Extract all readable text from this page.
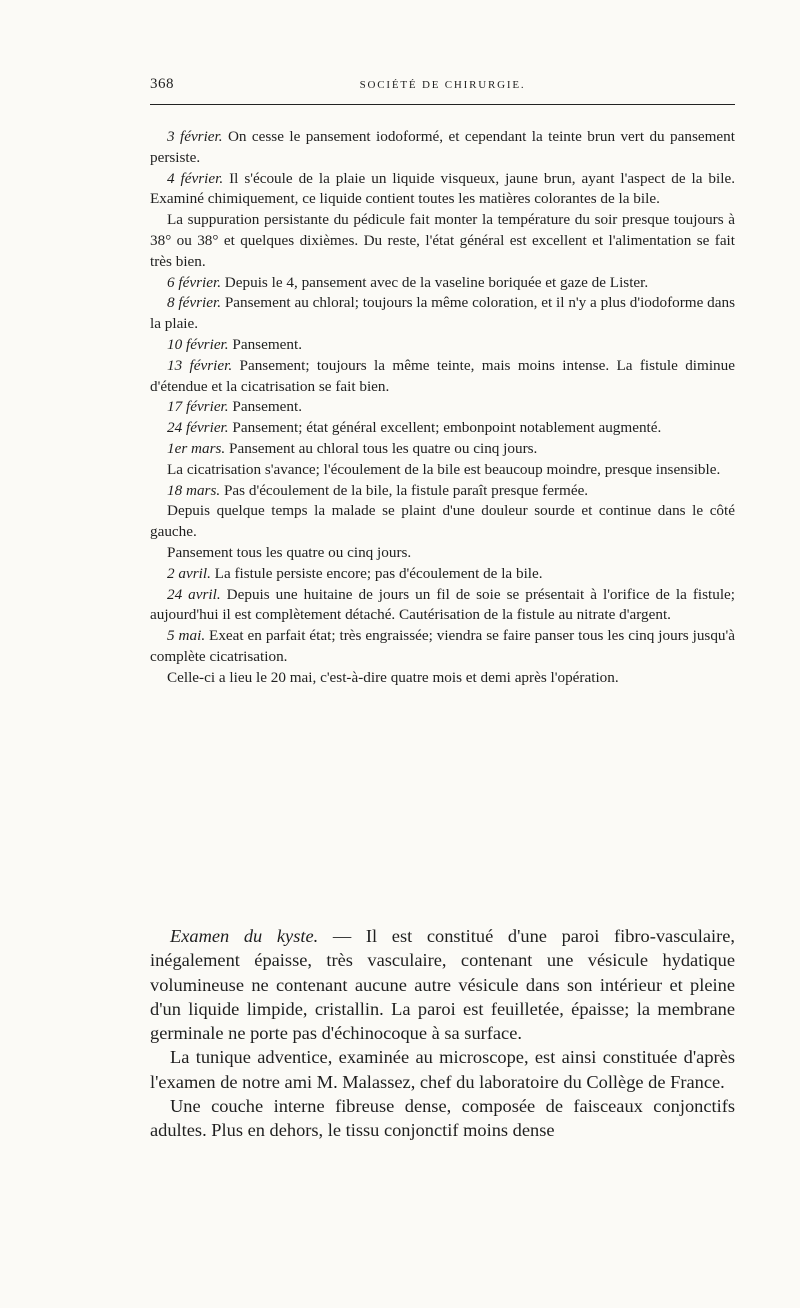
368	SOCIÉTÉ DE CHIRURGIE.

3 février. On cesse le pansement iodoformé, et cependant la teinte brun vert du pansement persiste.

4 février. Il s'écoule de la plaie un liquide visqueux, jaune brun, ayant l'aspect de la bile. Examiné chimiquement, ce liquide contient toutes les matières colorantes de la bile.

La suppuration persistante du pédicule fait monter la température du soir presque toujours à 38° ou 38° et quelques dixièmes. Du reste, l'état général est excellent et l'alimentation se fait très bien.

6 février. Depuis le 4, pansement avec de la vaseline boriquée et gaze de Lister.

8 février. Pansement au chloral; toujours la même coloration, et il n'y a plus d'iodoforme dans la plaie.

10 février. Pansement.

13 février. Pansement; toujours la même teinte, mais moins intense. La fistule diminue d'étendue et la cicatrisation se fait bien.

17 février. Pansement.

24 février. Pansement; état général excellent; embonpoint notablement augmenté.

1er mars. Pansement au chloral tous les quatre ou cinq jours.

La cicatrisation s'avance; l'écoulement de la bile est beaucoup moindre, presque insensible.

18 mars. Pas d'écoulement de la bile, la fistule paraît presque fermée.

Depuis quelque temps la malade se plaint d'une douleur sourde et continue dans le côté gauche.

Pansement tous les quatre ou cinq jours.

2 avril. La fistule persiste encore; pas d'écoulement de la bile.

24 avril. Depuis une huitaine de jours un fil de soie se présentait à l'orifice de la fistule; aujourd'hui il est complètement détaché. Cautérisation de la fistule au nitrate d'argent.

5 mai. Exeat en parfait état; très engraissée; viendra se faire panser tous les cinq jours jusqu'à complète cicatrisation.

Celle-ci a lieu le 20 mai, c'est-à-dire quatre mois et demi après l'opération.

Examen du kyste. — Il est constitué d'une paroi fibro-vasculaire, inégalement épaisse, très vasculaire, contenant une vésicule hydatique volumineuse ne contenant aucune autre vésicule dans son intérieur et pleine d'un liquide limpide, cristallin. La paroi est feuilletée, épaisse; la membrane germinale ne porte pas d'échinocoque à sa surface.

La tunique adventice, examinée au microscope, est ainsi constituée d'après l'examen de notre ami M. Malassez, chef du laboratoire du Collège de France.

Une couche interne fibreuse dense, composée de faisceaux conjonctifs adultes. Plus en dehors, le tissu conjonctif moins dense
